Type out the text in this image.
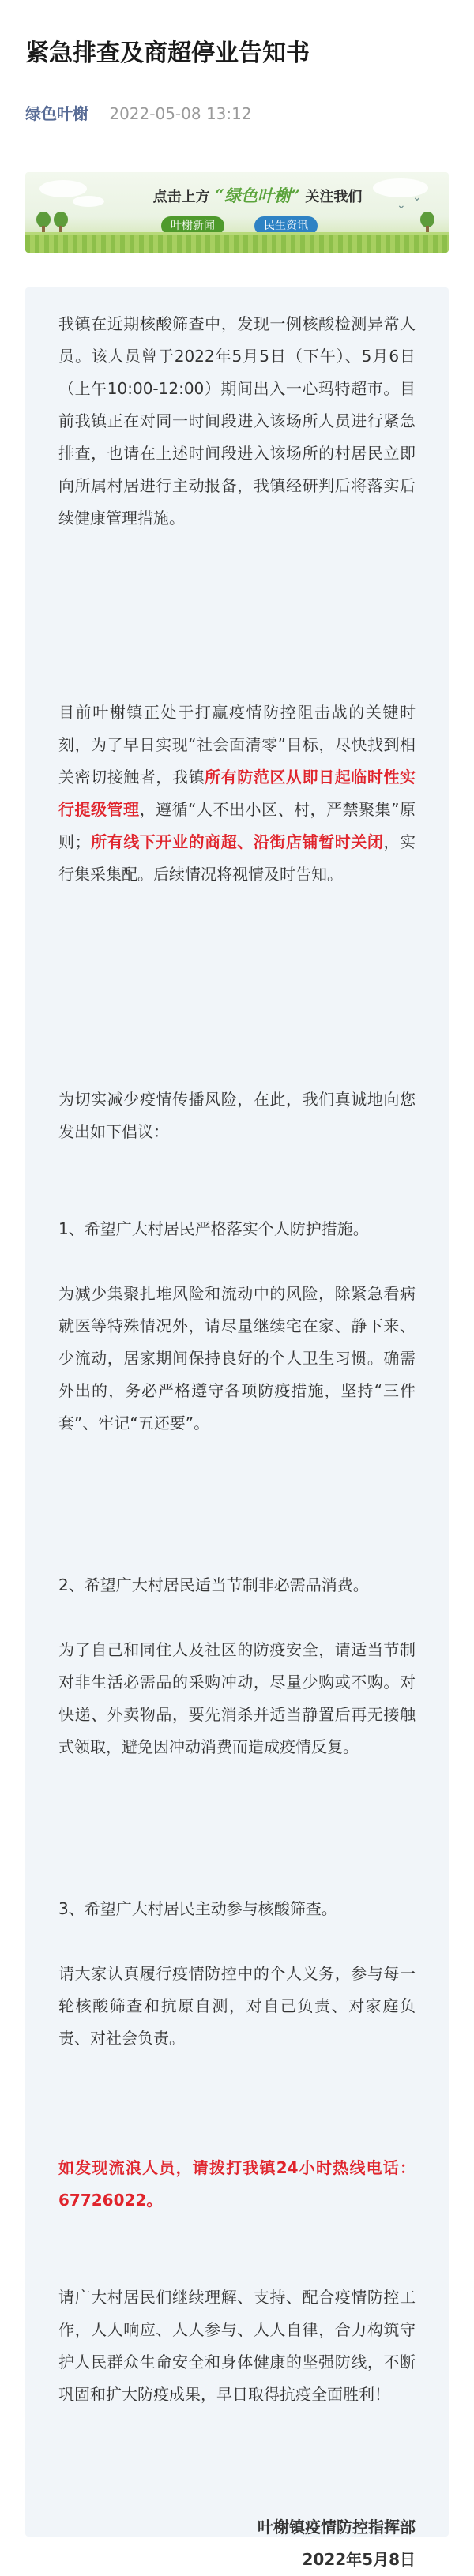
紧急排查及商超停业告知书
绿色叶榭 2022-05-08 13:12
⌄
⌄
点击上方 “绿色叶榭” 关注我们
叶榭新闻	民生资讯
我镇在近期核酸筛查中，发现一例核酸检测异常人员。该人员曾于2022年5月5日（下午）、5月6日（上午10:00-12:00）期间出入一心玛特超市。目前我镇正在对同一时间段进入该场所人员进行紧急排查，也请在上述时间段进入该场所的村居民立即向所属村居进行主动报备，我镇经研判后将落实后续健康管理措施。
目前叶榭镇正处于打赢疫情防控阻击战的关键时刻，为了早日实现“社会面清零”目标，尽快找到相关密切接触者，我镇所有防范区从即日起临时性实行提级管理，遵循“人不出小区、村，严禁聚集”原则；所有线下开业的商超、沿街店铺暂时关闭，实行集采集配。后续情况将视情及时告知。
为切实减少疫情传播风险，在此，我们真诚地向您发出如下倡议：
1、希望广大村居民严格落实个人防护措施。
为减少集聚扎堆风险和流动中的风险，除紧急看病就医等特殊情况外，请尽量继续宅在家、静下来、少流动，居家期间保持良好的个人卫生习惯。确需外出的，务必严格遵守各项防疫措施，坚持“三件套”、牢记“五还要”。
2、希望广大村居民适当节制非必需品消费。
为了自己和同住人及社区的防疫安全，请适当节制对非生活必需品的采购冲动，尽量少购或不购。对快递、外卖物品，要先消杀并适当静置后再无接触式领取，避免因冲动消费而造成疫情反复。
3、希望广大村居民主动参与核酸筛查。
请大家认真履行疫情防控中的个人义务，参与每一轮核酸筛查和抗原自测，对自己负责、对家庭负责、对社会负责。
如发现流浪人员，请拨打我镇24小时热线电话：67726022。
请广大村居民们继续理解、支持、配合疫情防控工作，人人响应、人人参与、人人自律，合力构筑守护人民群众生命安全和身体健康的坚强防线，不断巩固和扩大防疫成果，早日取得抗疫全面胜利！
叶榭镇疫情防控指挥部
2022年5月8日
